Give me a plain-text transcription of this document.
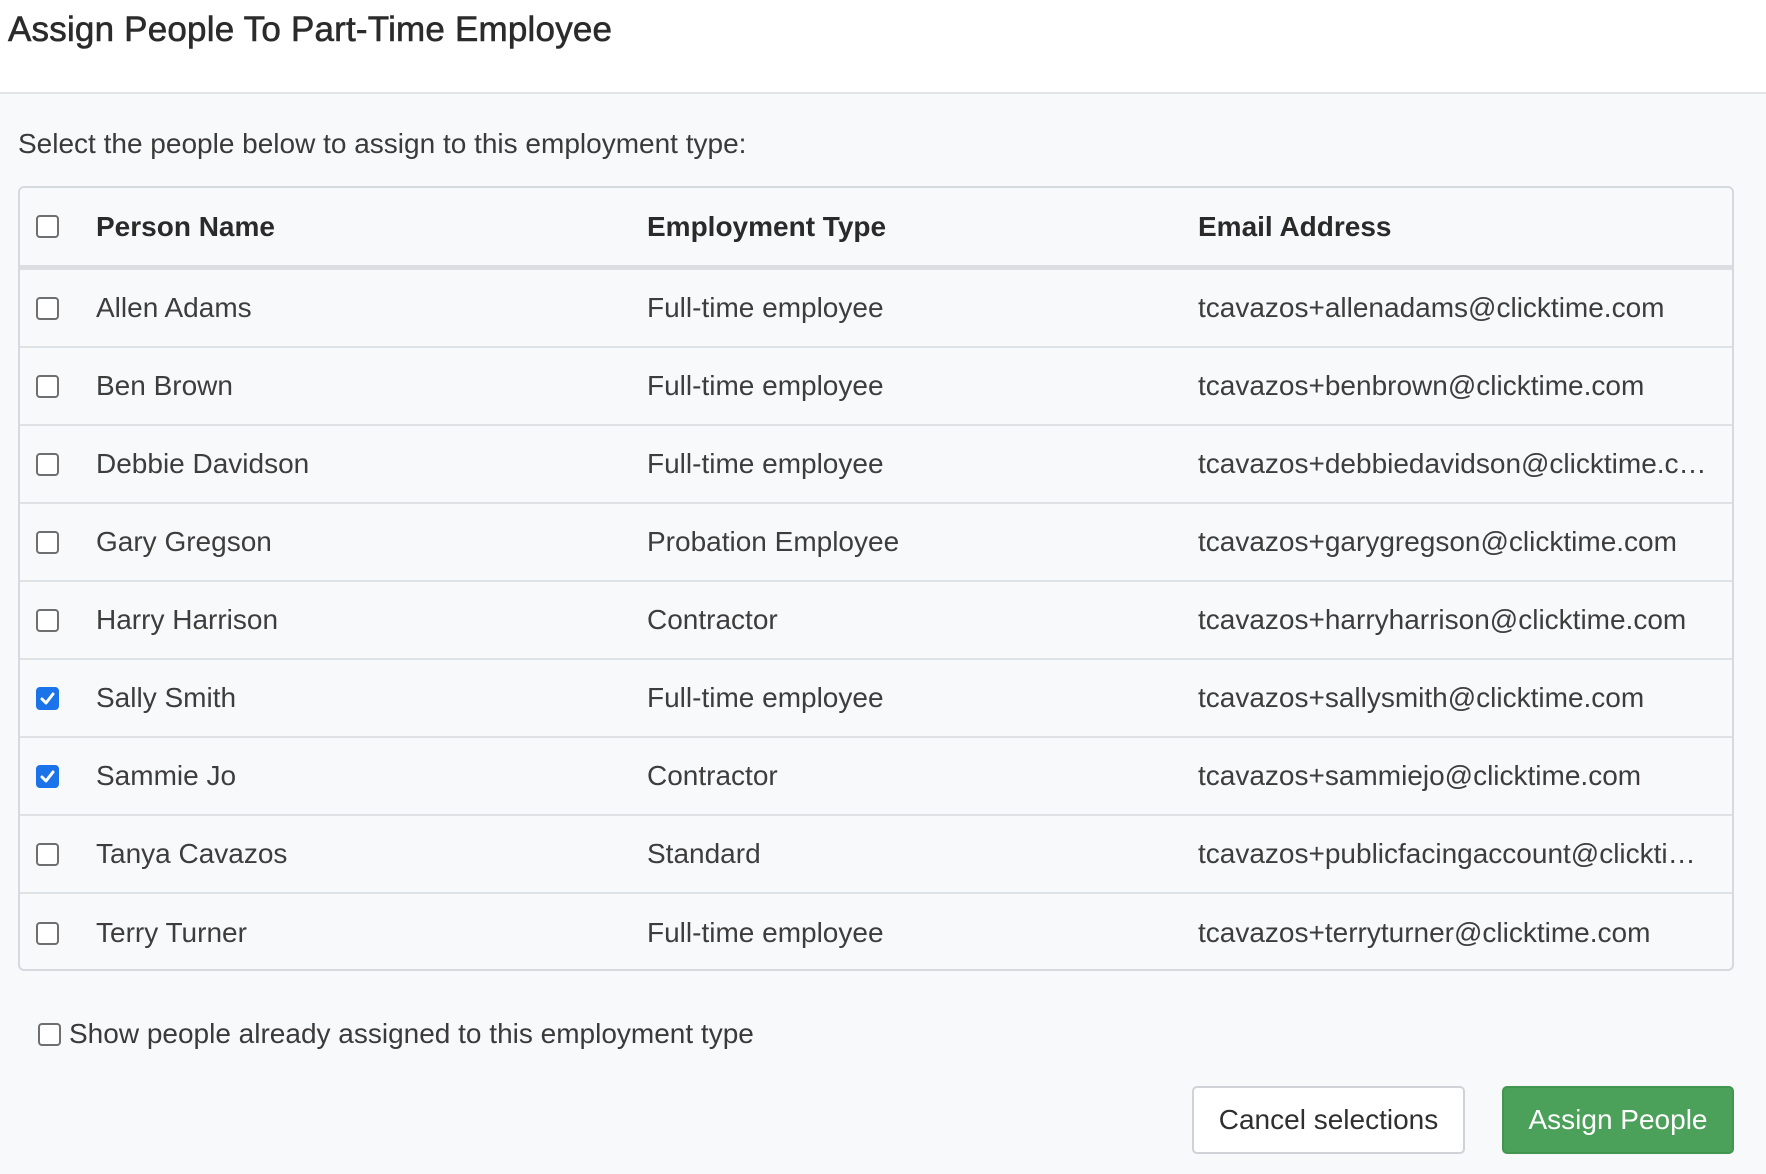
Assign People To Part-Time Employee
Select the people below to assign to this employment type:
Person Name	Employment Type	Email Address
Allen Adams	Full-time employee	tcavazos+allenadams@clicktime.com
Ben Brown	Full-time employee	tcavazos+benbrown@clicktime.com
Debbie Davidson	Full-time employee	tcavazos+debbiedavidson@clicktime.c…
Gary Gregson	Probation Employee	tcavazos+garygregson@clicktime.com
Harry Harrison	Contractor	tcavazos+harryharrison@clicktime.com
Sally Smith	Full-time employee	tcavazos+sallysmith@clicktime.com
Sammie Jo	Contractor	tcavazos+sammiejo@clicktime.com
Tanya Cavazos	Standard	tcavazos+publicfacingaccount@clickti…
Terry Turner	Full-time employee	tcavazos+terryturner@clicktime.com
Show people already assigned to this employment type
Cancel selections	Assign People
